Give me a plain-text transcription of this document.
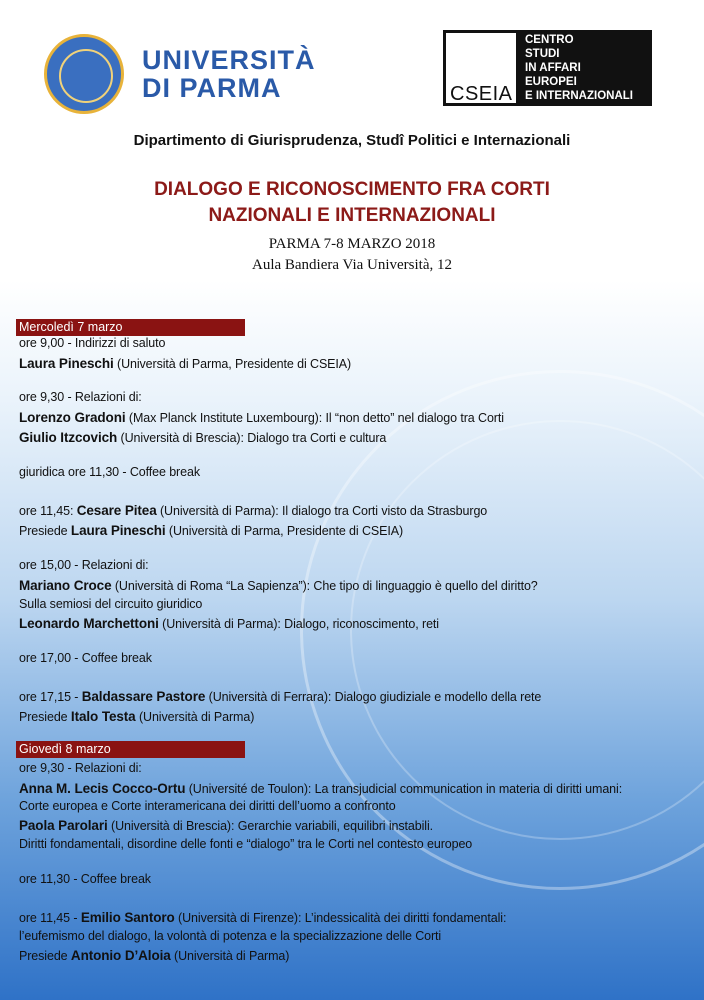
UNIVERSITÀ
DI PARMA	CSEIA
CENTRO
STUDI
IN AFFARI
EUROPEI
E INTERNAZIONALI
Dipartimento di Giurisprudenza, Studî Politici e Internazionali
DIALOGO E RICONOSCIMENTO FRA CORTI
NAZIONALI E INTERNAZIONALI
PARMA 7-8 MARZO 2018
Aula Bandiera Via Università, 12
Mercoledì 7 marzo
Giovedì 8 marzo
ore 9,00 - Indirizzi di saluto
Laura Pineschi (Università di Parma, Presidente di CSEIA)
ore 9,30 - Relazioni di:
Lorenzo Gradoni (Max Planck Institute Luxembourg): Il “non detto” nel dialogo tra Corti
Giulio Itzcovich (Università di Brescia): Dialogo tra Corti e cultura
giuridica ore 11,30 - Coffee break
ore 11,45: Cesare Pitea (Università di Parma): Il dialogo tra Corti visto da Strasburgo
Presiede Laura Pineschi (Università di Parma, Presidente di CSEIA)
ore 15,00 - Relazioni di:
Mariano Croce (Università di Roma “La Sapienza”): Che tipo di linguaggio è quello del diritto?
Sulla semiosi del circuito giuridico
Leonardo Marchettoni (Università di Parma): Dialogo, riconoscimento, reti
ore 17,00 - Coffee break
ore 17,15 - Baldassare Pastore (Università di Ferrara): Dialogo giudiziale e modello della rete
Presiede Italo Testa (Università di Parma)
ore 9,30 - Relazioni di:
Anna M. Lecis Cocco-Ortu (Université de Toulon): La transjudicial communication in materia di diritti umani:
Corte europea e Corte interamericana dei diritti dell’uomo a confronto
Paola Parolari (Università di Brescia): Gerarchie variabili, equilibri instabili.
Diritti fondamentali, disordine delle fonti e “dialogo” tra le Corti nel contesto europeo
ore 11,30 - Coffee break
ore 11,45 - Emilio Santoro (Università di Firenze): L’indessicalità dei diritti fondamentali:
l’eufemismo del dialogo, la volontà di potenza e la specializzazione delle Corti
Presiede Antonio D’Aloia (Università di Parma)
